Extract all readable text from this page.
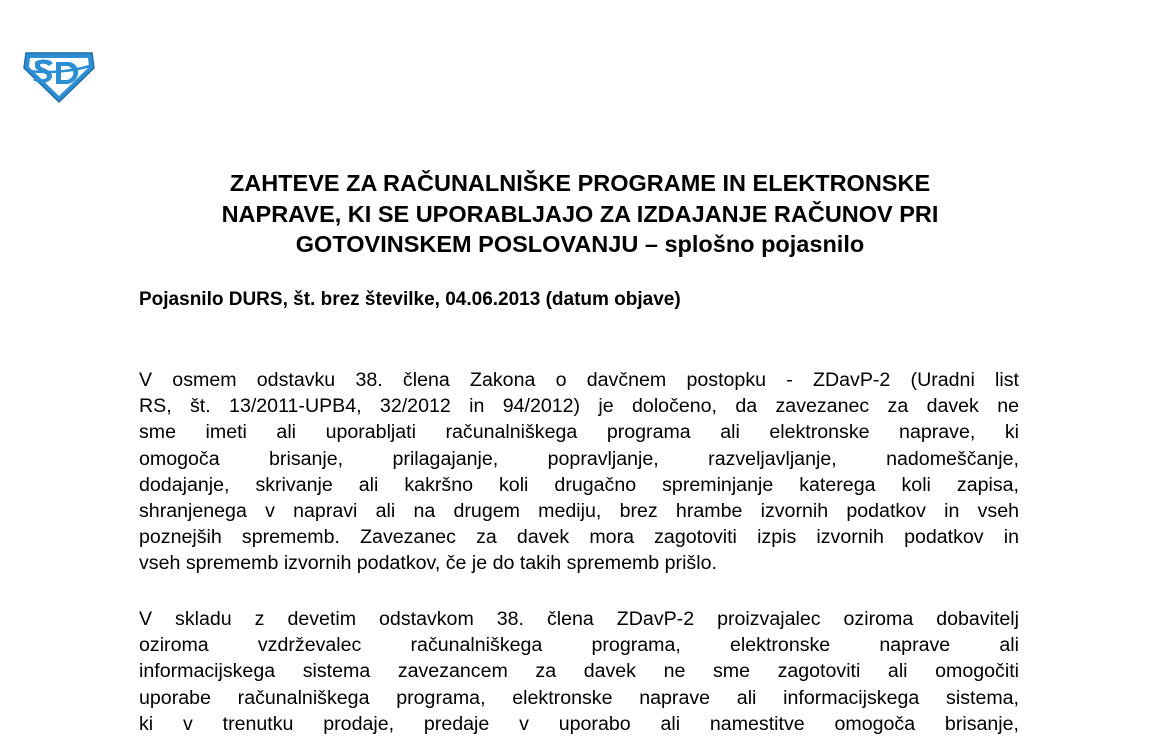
ZAHTEVE ZA RAČUNALNIŠKE PROGRAME IN ELEKTRONSKE
NAPRAVE, KI SE UPORABLJAJO ZA IZDAJANJE RAČUNOV PRI
GOTOVINSKEM POSLOVANJU – splošno pojasnilo

Pojasnilo DURS, št. brez številke, 04.06.2013 (datum objave)

V osmem odstavku 38. člena Zakona o davčnem postopku - ZDavP-2 (Uradni list
RS, št. 13/2011-UPB4, 32/2012 in 94/2012) je določeno, da zavezanec za davek ne
sme imeti ali uporabljati računalniškega programa ali elektronske naprave, ki
omogoča brisanje, prilagajanje, popravljanje, razveljavljanje, nadomeščanje,
dodajanje, skrivanje ali kakršno koli drugačno spreminjanje katerega koli zapisa,
shranjenega v napravi ali na drugem mediju, brez hrambe izvornih podatkov in vseh
poznejših sprememb. Zavezanec za davek mora zagotoviti izpis izvornih podatkov in
vseh sprememb izvornih podatkov, če je do takih sprememb prišlo.
V skladu z devetim odstavkom 38. člena ZDavP-2 proizvajalec oziroma dobavitelj
oziroma vzdrževalec računalniškega programa, elektronske naprave ali
informacijskega sistema zavezancem za davek ne sme zagotoviti ali omogočiti
uporabe računalniškega programa, elektronske naprave ali informacijskega sistema,
ki v trenutku prodaje, predaje v uporabo ali namestitve omogoča brisanje,
